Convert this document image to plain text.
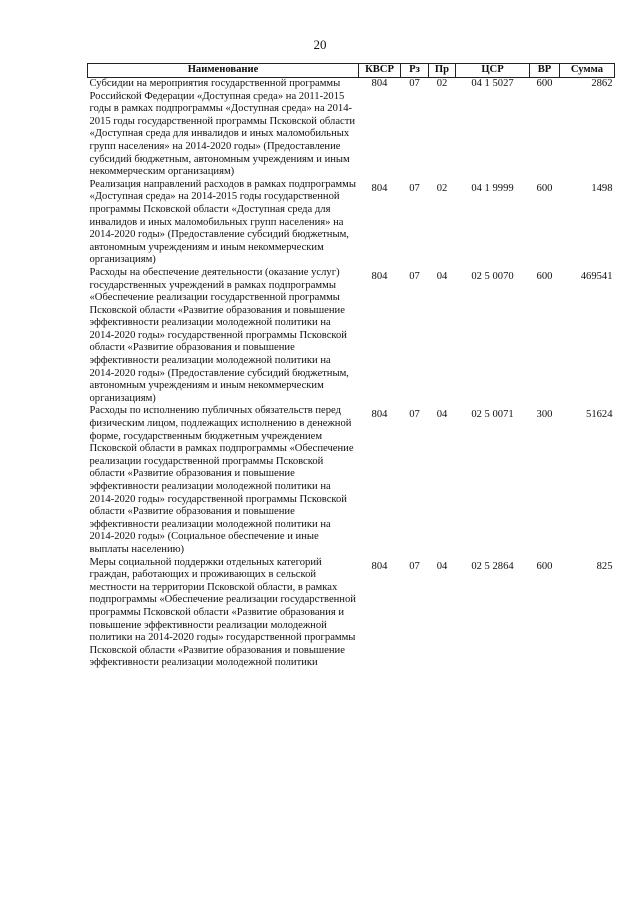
20
Наименование	КВСР	Рз	Пр	ЦСР	ВР	Сумма
Субсидии на мероприятия государственной программы Российской Федерации «Доступная среда» на 2011-2015 годы в рамках подпрограммы «Доступная среда» на 2014-2015 годы государственной программы Псковской области «Доступная среда для инвалидов и иных маломобильных групп населения» на 2014-2020 годы» (Предоставление субсидий бюджетным, автономным учреждениям и иным некоммерческим организациям)	804	07	02	04 1 5027	600	2862
Реализация направлений расходов в рамках подпрограммы «Доступная среда» на 2014-2015 годы государственной программы Псковской области «Доступная среда для инвалидов и иных маломобильных групп населения» на 2014-2020 годы» (Предоставление субсидий бюджетным, автономным учреждениям и иным некоммерческим организациям)	804	07	02	04 1 9999	600	1498
Расходы на обеспечение деятельности (оказание услуг) государственных учреждений в рамках подпрограммы «Обеспечение реализации государственной программы Псковской области «Развитие образования и повышение эффективности реализации молодежной политики на 2014-2020 годы» государственной программы Псковской области «Развитие образования и повышение эффективности реализации молодежной политики на 2014-2020 годы» (Предоставление субсидий бюджетным, автономным учреждениям и иным некоммерческим организациям)	804	07	04	02 5 0070	600	469541
Расходы по исполнению публичных обязательств перед физическим лицом, подлежащих исполнению в денежной форме, государственным бюджетным учреждением Псковской области в рамках подпрограммы «Обеспечение реализации государственной программы Псковской области «Развитие образования и повышение эффективности реализации молодежной политики на 2014-2020 годы» государственной программы Псковской области «Развитие образования и повышение эффективности реализации молодежной политики на 2014-2020 годы» (Социальное обеспечение и иные выплаты населению)	804	07	04	02 5 0071	300	51624
Меры социальной поддержки отдельных категорий граждан, работающих и проживающих в сельской местности на территории Псковской области, в рамках подпрограммы «Обеспечение реализации государственной программы Псковской области «Развитие образования и повышение эффективности реализации молодежной политики на 2014-2020 годы» государственной программы Псковской области «Развитие образования и повышение эффективности реализации молодежной политики	804	07	04	02 5 2864	600	825
